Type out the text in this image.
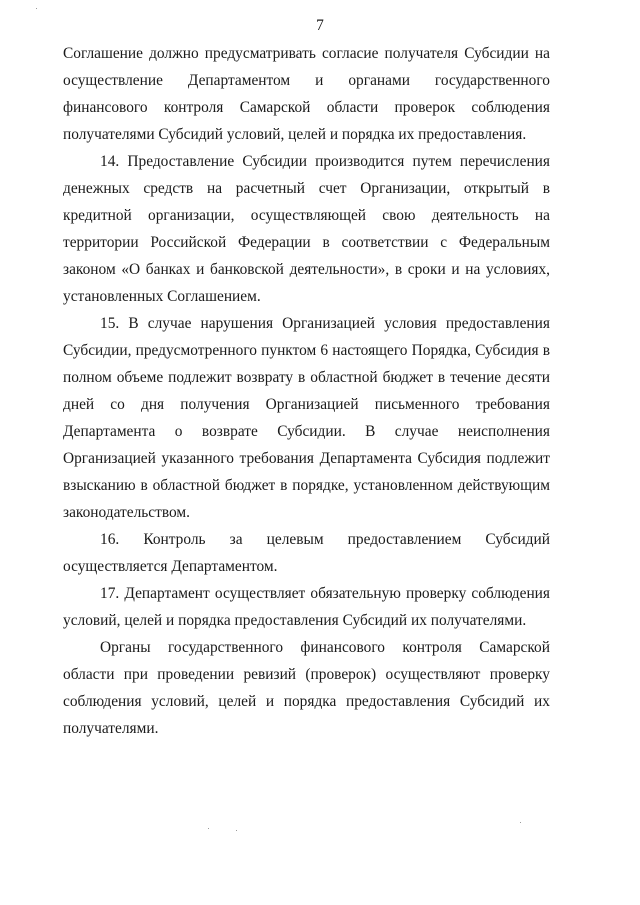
7

Соглашение должно предусматривать согласие получателя Субсидии на осуществление Департаментом и органами государственного финансового контроля Самарской области проверок соблюдения получателями Субсидий условий, целей и порядка их предоставления.

14. Предоставление Субсидии производится путем перечисления денежных средств на расчетный счет Организации, открытый в кредитной организации, осуществляющей свою деятельность на территории Российской Федерации в соответствии с Федеральным законом «О банках и банковской деятельности», в сроки и на условиях, установленных Соглашением.

15. В случае нарушения Организацией условия предоставления Субсидии, предусмотренного пунктом 6 настоящего Порядка, Субсидия в полном объеме подлежит возврату в областной бюджет в течение десяти дней со дня получения Организацией письменного требования Департамента о возврате Субсидии. В случае неисполнения Организацией указанного требования Департамента Субсидия подлежит взысканию в областной бюджет в порядке, установленном действующим законодательством.

16. Контроль за целевым предоставлением Субсидий осуществляется Департаментом.

17. Департамент осуществляет обязательную проверку соблюдения условий, целей и порядка предоставления Субсидий их получателями.

Органы государственного финансового контроля Самарской области при проведении ревизий (проверок) осуществляют проверку соблюдения условий, целей и порядка предоставления Субсидий их получателями.
